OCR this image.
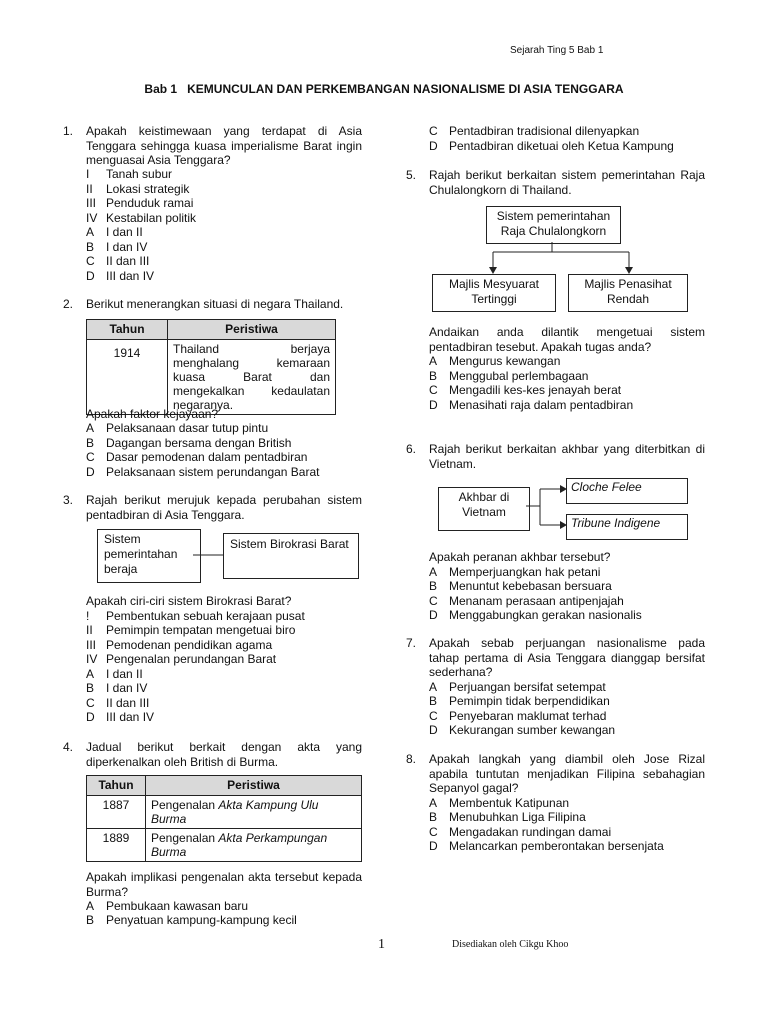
Sejarah Ting 5 Bab 1
Bab 1 KEMUNCULAN DAN PERKEMBANGAN NASIONALISME DI ASIA TENGGARA
1. Apakah keistimewaan yang terdapat di Asia Tenggara sehingga kuasa imperialisme Barat ingin menguasai Asia Tenggara?
I Tanah subur
II Lokasi strategik
III Penduduk ramai
IV Kestabilan politik
A I dan II
B I dan IV
C II dan III
D III dan IV
2. Berikut menerangkan situasi di negara Thailand.
Tahun	Peristiwa
1914	Thailand berjaya menghalang kemaraan kuasa Barat dan mengekalkan kedaulatan negaranya.
Apakah faktor kejayaan?
A Pelaksanaan dasar tutup pintu
B Dagangan bersama dengan British
C Dasar pemodenan dalam pentadbiran
D Pelaksanaan sistem perundangan Barat
3. Rajah berikut merujuk kepada perubahan sistem pentadbiran di Asia Tenggara.
Sistem pemerintahan beraja
Sistem Birokrasi Barat
Apakah ciri-ciri sistem Birokrasi Barat?
! Pembentukan sebuah kerajaan pusat
II Pemimpin tempatan mengetuai biro
III Pemodenan pendidikan agama
IV Pengenalan perundangan Barat
A I dan II
B I dan IV
C II dan III
D III dan IV
4. Jadual berikut berkait dengan akta yang diperkenalkan oleh British di Burma.
Tahun	Peristiwa
1887	Pengenalan Akta Kampung Ulu Burma
1889	Pengenalan Akta Perkampungan Burma
Apakah implikasi pengenalan akta tersebut kepada Burma?
A Pembukaan kawasan baru
B Penyatuan kampung-kampung kecil
C Pentadbiran tradisional dilenyapkan
D Pentadbiran diketuai oleh Ketua Kampung
5. Rajah berikut berkaitan sistem pemerintahan Raja Chulalongkorn di Thailand.
Sistem pemerintahan Raja Chulalongkorn
Majlis Mesyuarat Tertinggi
Majlis Penasihat Rendah
Andaikan anda dilantik mengetuai sistem pentadbiran tesebut. Apakah tugas anda?
A Mengurus kewangan
B Menggubal perlembagaan
C Mengadili kes-kes jenayah berat
D Menasihati raja dalam pentadbiran
6. Rajah berikut berkaitan akhbar yang diterbitkan di Vietnam.
Akhbar di Vietnam
Cloche Felee
Tribune Indigene
Apakah peranan akhbar tersebut?
A Memperjuangkan hak petani
B Menuntut kebebasan bersuara
C Menanam perasaan antipenjajah
D Menggabungkan gerakan nasionalis
7. Apakah sebab perjuangan nasionalisme pada tahap pertama di Asia Tenggara dianggap bersifat sederhana?
A Perjuangan bersifat setempat
B Pemimpin tidak berpendidikan
C Penyebaran maklumat terhad
D Kekurangan sumber kewangan
8. Apakah langkah yang diambil oleh Jose Rizal apabila tuntutan menjadikan Filipina sebahagian Sepanyol gagal?
A Membentuk Katipunan
B Menubuhkan Liga Filipina
C Mengadakan rundingan damai
D Melancarkan pemberontakan bersenjata
1	Disediakan oleh Cikgu Khoo
